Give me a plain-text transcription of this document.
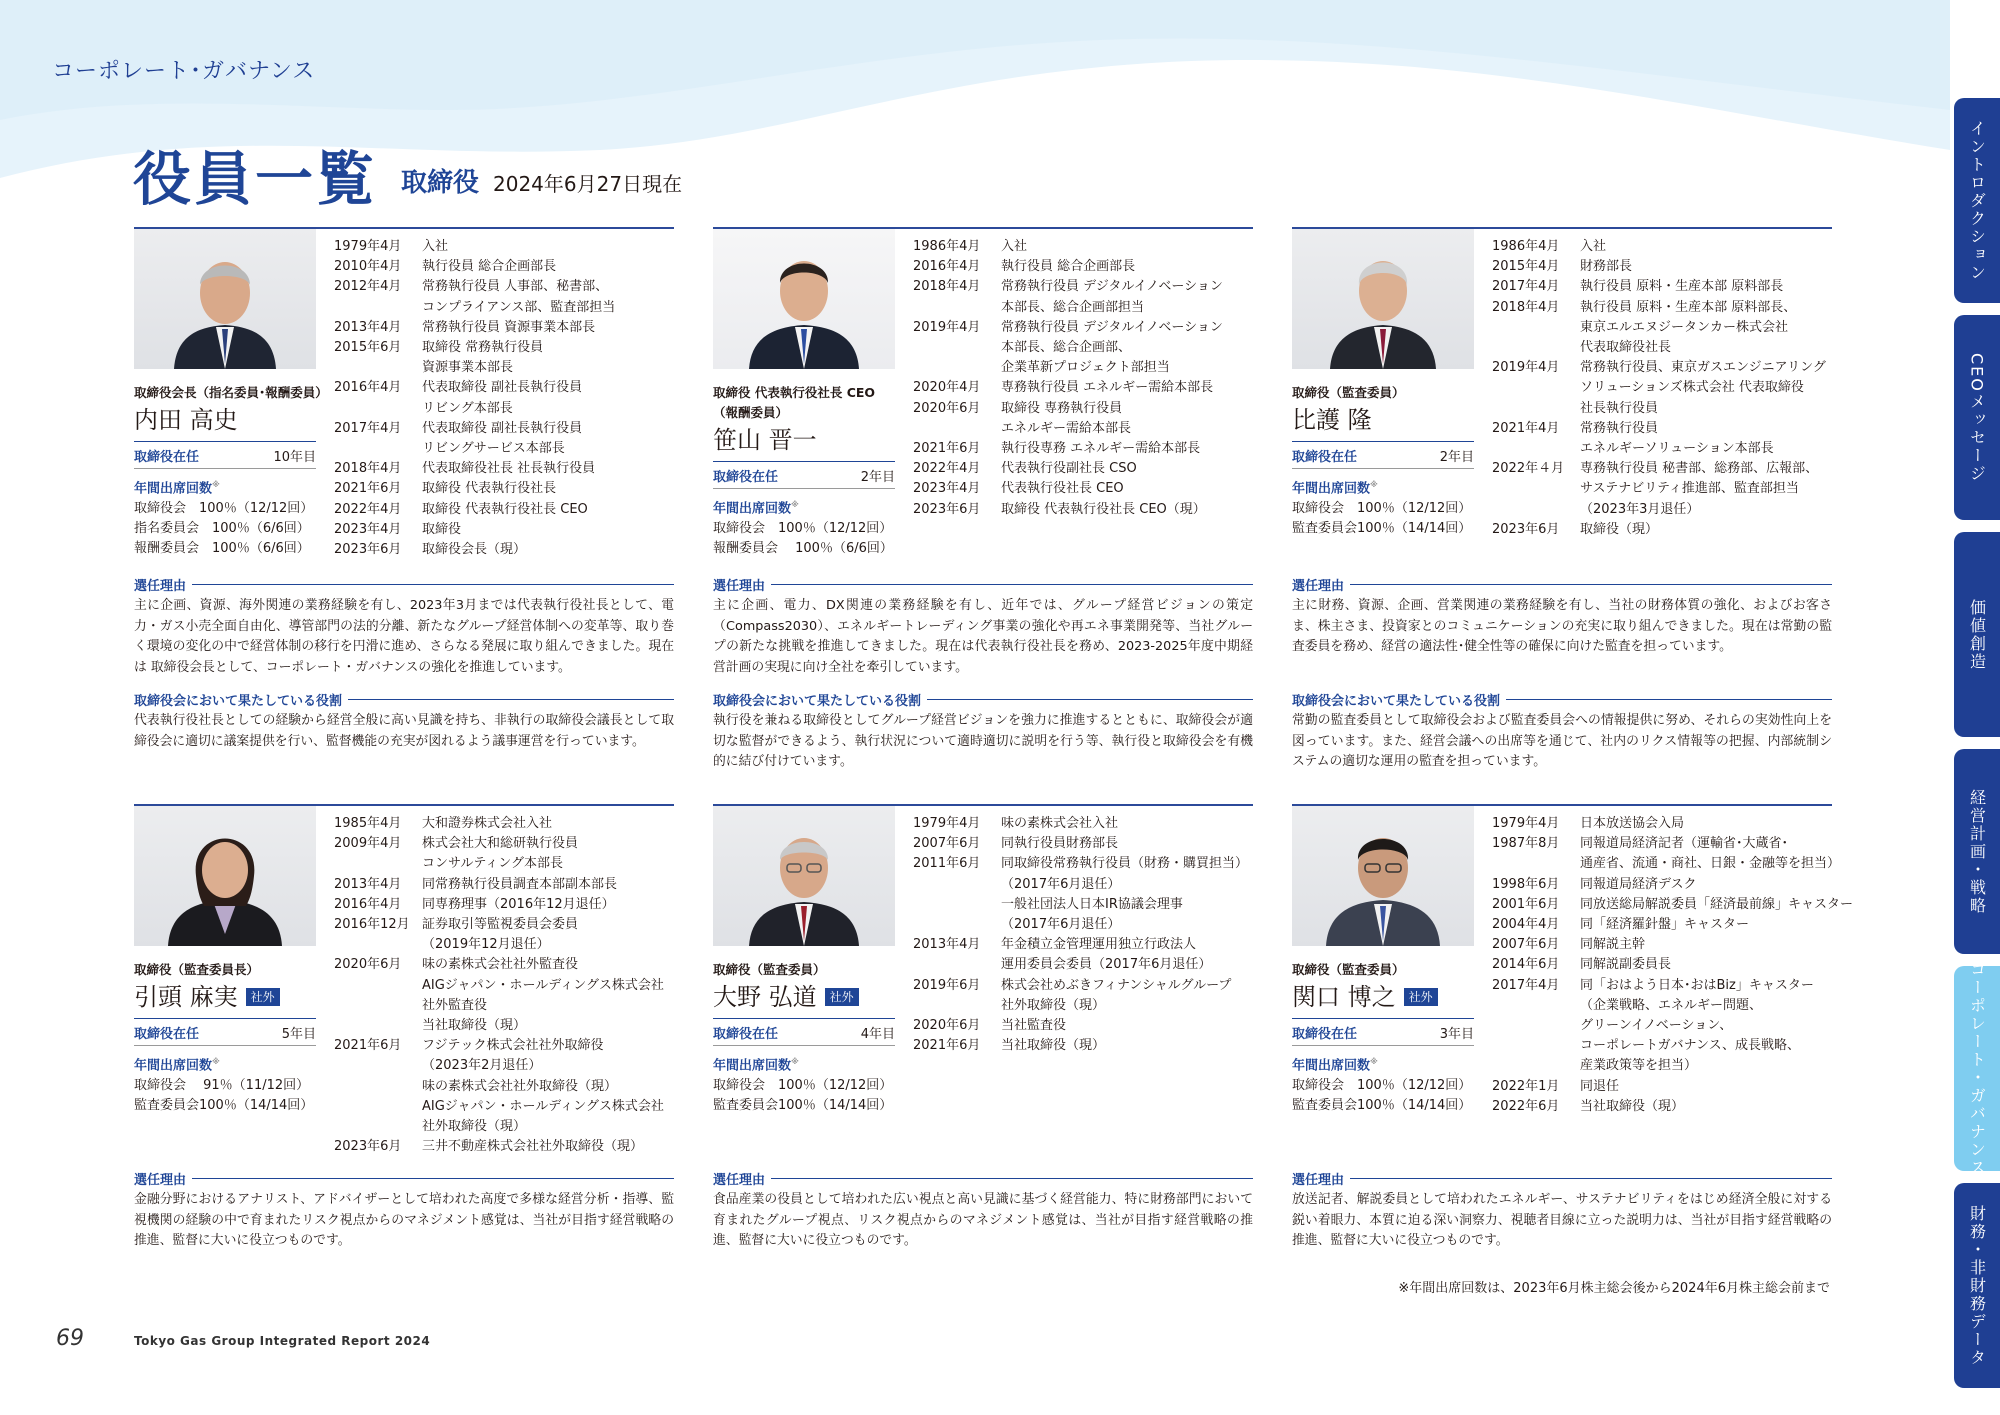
コーポレート･ガバナンス
役員一覧 取締役 2024年6月27日現在
取締役会長（指名委員･報酬委員）
内田 高史
取締役在任	10年目
年間出席回数※
取締役会　100％（12/12回）
指名委員会　100％（6/6回）
報酬委員会　100％（6/6回）
1979年4月	入社
2010年4月	執行役員 総合企画部長
2012年4月	常務執行役員 人事部、秘書部、
コンプライアンス部、監査部担当
2013年4月	常務執行役員 資源事業本部長
2015年6月	取締役 常務執行役員
資源事業本部長
2016年4月	代表取締役 副社長執行役員
リビング本部長
2017年4月	代表取締役 副社長執行役員
リビングサービス本部長
2018年4月	代表取締役社長 社長執行役員
2021年6月	取締役 代表執行役社長
2022年4月	取締役 代表執行役社長 CEO
2023年4月	取締役
2023年6月	取締役会長（現）
選任理由
主に企画、資源、海外関連の業務経験を有し、2023年3月までは代表執行役社長として、電力・ガス小売全面自由化、導管部門の法的分離、新たなグループ経営体制への変革等、取り巻く環境の変化の中で経営体制の移行を円滑に進め、さらなる発展に取り組んできました。現在は 取締役会長として、コーポレート・ガバナンスの強化を推進しています。
取締役会において果たしている役割
代表執行役社長としての経験から経営全般に高い見識を持ち、非執行の取締役会議長として取締役会に適切に議案提供を行い、監督機能の充実が図れるよう議事運営を行っています。
取締役 代表執行役社長 CEO
（報酬委員）
笹山 晋一
取締役在任	2年目
年間出席回数※
取締役会　100％（12/12回）
報酬委員会　 100％（6/6回）
1986年4月	入社
2016年4月	執行役員 総合企画部長
2018年4月	常務執行役員 デジタルイノベーション
本部長、総合企画部担当
2019年4月	常務執行役員 デジタルイノベーション
本部長、総合企画部、
企業革新プロジェクト部担当
2020年4月	専務執行役員 エネルギー需給本部長
2020年6月	取締役 専務執行役員
エネルギー需給本部長
2021年6月	執行役専務 エネルギー需給本部長
2022年4月	代表執行役副社長 CSO
2023年4月	代表執行役社長 CEO
2023年6月	取締役 代表執行役社長 CEO（現）
選任理由
主に企画、電力、DX関連の業務経験を有し、近年では、グループ経営ビジョンの策定（Compass2030）、エネルギートレーディング事業の強化や再エネ事業開発等、当社グループの新たな挑戦を推進してきました。現在は代表執行役社長を務め、2023-2025年度中期経営計画の実現に向け全社を牽引しています。
取締役会において果たしている役割
執行役を兼ねる取締役としてグループ経営ビジョンを強力に推進するとともに、取締役会が適切な監督ができるよう、執行状況について適時適切に説明を行う等、執行役と取締役会を有機的に結び付けています。
取締役（監査委員）
比護 隆
取締役在任	2年目
年間出席回数※
取締役会　100％（12/12回）
監査委員会100％（14/14回）
1986年4月	入社
2015年4月	財務部長
2017年4月	執行役員 原料・生産本部 原料部長
2018年4月	執行役員 原料・生産本部 原料部長、
東京エルエヌジータンカー株式会社
代表取締役社長
2019年4月	常務執行役員、東京ガスエンジニアリング
ソリューションズ株式会社 代表取締役
社長執行役員
2021年4月	常務執行役員
エネルギーソリューション本部長
2022年４月	専務執行役員 秘書部、総務部、広報部、
サステナビリティ推進部、監査部担当
（2023年3月退任）
2023年6月	取締役（現）
選任理由
主に財務、資源、企画、営業関連の業務経験を有し、当社の財務体質の強化、およびお客さま、株主さま、投資家とのコミュニケーションの充実に取り組んできました。現在は常勤の監査委員を務め、経営の適法性･健全性等の確保に向けた監査を担っています。
取締役会において果たしている役割
常勤の監査委員として取締役会および監査委員会への情報提供に努め、それらの実効性向上を図っています。また、経営会議への出席等を通じて、社内のリクス情報等の把握、内部統制システムの適切な運用の監査を担っています。
取締役（監査委員長）
引頭 麻実	社外
取締役在任	5年目
年間出席回数※
取締役会　 91％（11/12回）
監査委員会100％（14/14回）
1985年4月	大和證券株式会社入社
2009年4月	株式会社大和総研執行役員
コンサルティング本部長
2013年4月	同常務執行役員調査本部副本部長
2016年4月	同専務理事（2016年12月退任）
2016年12月 証券取引等監視委員会委員
（2019年12月退任）
2020年6月	味の素株式会社社外監査役
AIGジャパン・ホールディングス株式会社
社外監査役
当社取締役（現）
2021年6月	フジテック株式会社社外取締役
（2023年2月退任）
味の素株式会社社外取締役（現）
AIGジャパン・ホールディングス株式会社
社外取締役（現）
2023年6月	三井不動産株式会社社外取締役（現）
選任理由
金融分野におけるアナリスト、アドバイザーとして培われた高度で多様な経営分析・指導、監視機関の経験の中で育まれたリスク視点からのマネジメント感覚は、当社が目指す経営戦略の推進、監督に大いに役立つものです。
取締役（監査委員）
大野 弘道	社外
取締役在任	4年目
年間出席回数※
取締役会　100％（12/12回）
監査委員会100％（14/14回）
1979年4月	味の素株式会社入社
2007年6月	同執行役員財務部長
2011年6月	同取締役常務執行役員（財務・購買担当）
（2017年6月退任）
一般社団法人日本IR協議会理事
（2017年6月退任）
2013年4月	年金積立金管理運用独立行政法人
運用委員会委員（2017年6月退任）
2019年6月	株式会社めぶきフィナンシャルグループ
社外取締役（現）
2020年6月	当社監査役
2021年6月	当社取締役（現）
選任理由
食品産業の役員として培われた広い視点と高い見識に基づく経営能力、特に財務部門において育まれたグループ視点、リスク視点からのマネジメント感覚は、当社が目指す経営戦略の推進、監督に大いに役立つものです。
取締役（監査委員）
関口 博之	社外
取締役在任	3年目
年間出席回数※
取締役会　100％（12/12回）
監査委員会100％（14/14回）
1979年4月	日本放送協会入局
1987年8月	同報道局経済記者（運輸省･大蔵省･
通産省、流通・商社、日銀・金融等を担当）
1998年6月	同報道局経済デスク
2001年6月	同放送総局解説委員「経済最前線」キャスター
2004年4月	同「経済羅針盤」キャスター
2007年6月	同解説主幹
2014年6月	同解説副委員長
2017年4月	同「おはよう日本･おはBiz」キャスター
（企業戦略、エネルギー問題、
グリーンイノベーション、
コーポレートガバナンス、成長戦略、
産業政策等を担当）
2022年1月	同退任
2022年6月	当社取締役（現）
選任理由
放送記者、解説委員として培われたエネルギー、サステナビリティをはじめ経済全般に対する鋭い着眼力、本質に迫る深い洞察力、視聴者目線に立った説明力は、当社が目指す経営戦略の推進、監督に大いに役立つものです。
※年間出席回数は、2023年6月株主総会後から2024年6月株主総会前まで
69	Tokyo Gas Group Integrated Report 2024
イントロダクション
CEOメッセージ
価値創造
経営計画・戦略
コーポレート・ガバナンス
財務・非財務データ
